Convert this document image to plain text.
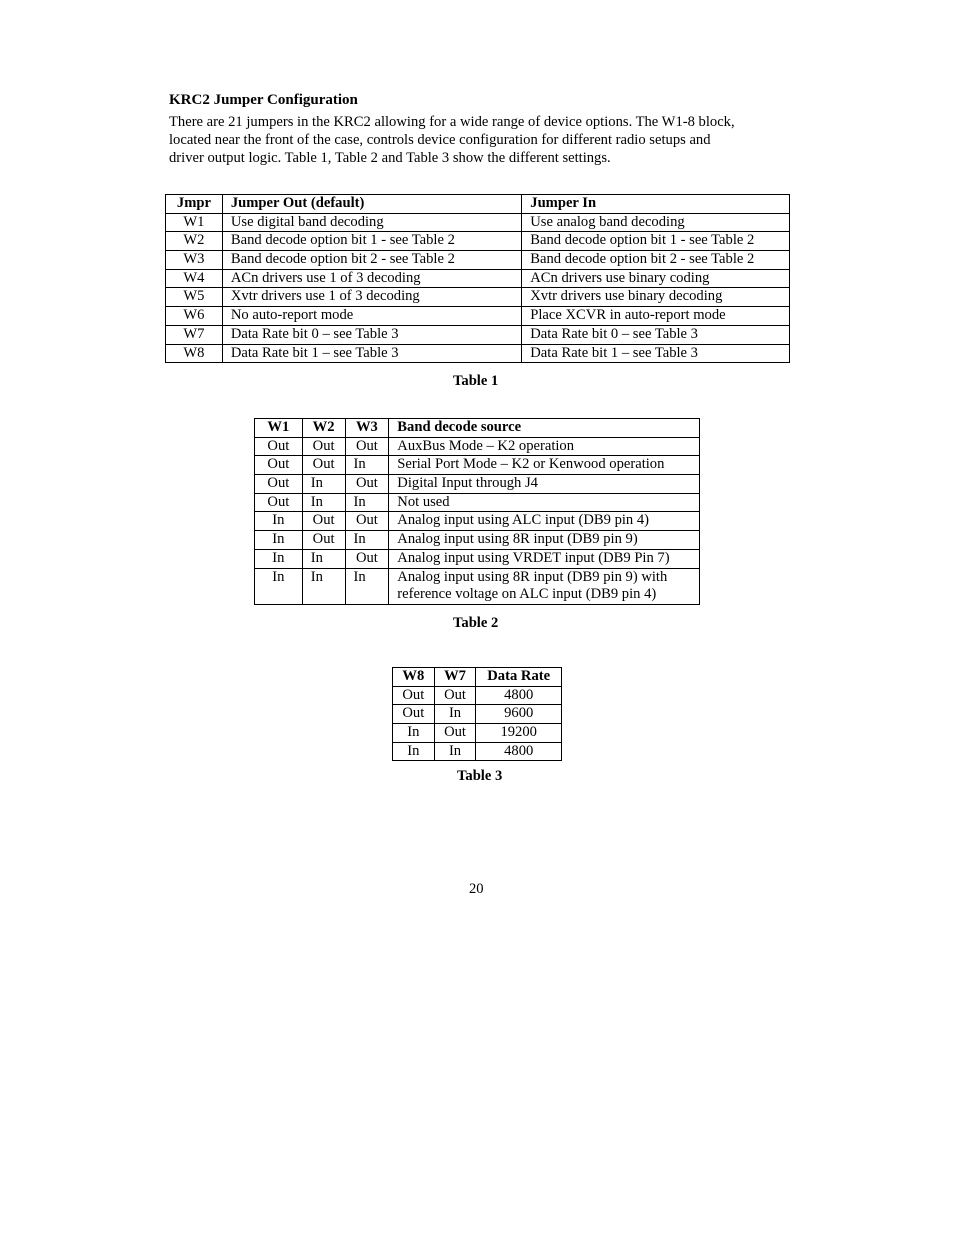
KRC2 Jumper Configuration
There are 21 jumpers in the KRC2 allowing for a wide range of device options. The W1-8 block,
located near the front of the case, controls device configuration for different radio setups and
driver output logic. Table 1, Table 2 and Table 3 show the different settings.
Jmpr	Jumper Out (default)	Jumper In
W1	Use digital band decoding	Use analog band decoding
W2	Band decode option bit 1 - see Table 2	Band decode option bit 1 - see Table 2
W3	Band decode option bit 2 - see Table 2	Band decode option bit 2 - see Table 2
W4	ACn drivers use 1 of 3 decoding	ACn drivers use binary coding
W5	Xvtr drivers use 1 of 3 decoding	Xvtr drivers use binary decoding
W6	No auto-report mode	Place XCVR in auto-report mode
W7	Data Rate bit 0 – see Table 3	Data Rate bit 0 – see Table 3
W8	Data Rate bit 1 – see Table 3	Data Rate bit 1 – see Table 3
Table 1
W1	W2	W3	Band decode source
Out	Out	Out	AuxBus Mode – K2 operation
Out	Out	In	Serial Port Mode – K2 or Kenwood operation
Out	In	Out	Digital Input through J4
Out	In	In	Not used
In	Out	Out	Analog input using ALC input (DB9 pin 4)
In	Out	In	Analog input using 8R input (DB9 pin 9)
In	In	Out	Analog input using VRDET input (DB9 Pin 7)
In	In	In	Analog input using 8R input (DB9 pin 9) with
reference voltage on ALC input (DB9 pin 4)
Table 2
W8	W7	Data Rate
Out	Out	4800
Out	In	9600
In	Out	19200
In	In	4800
Table 3
20
